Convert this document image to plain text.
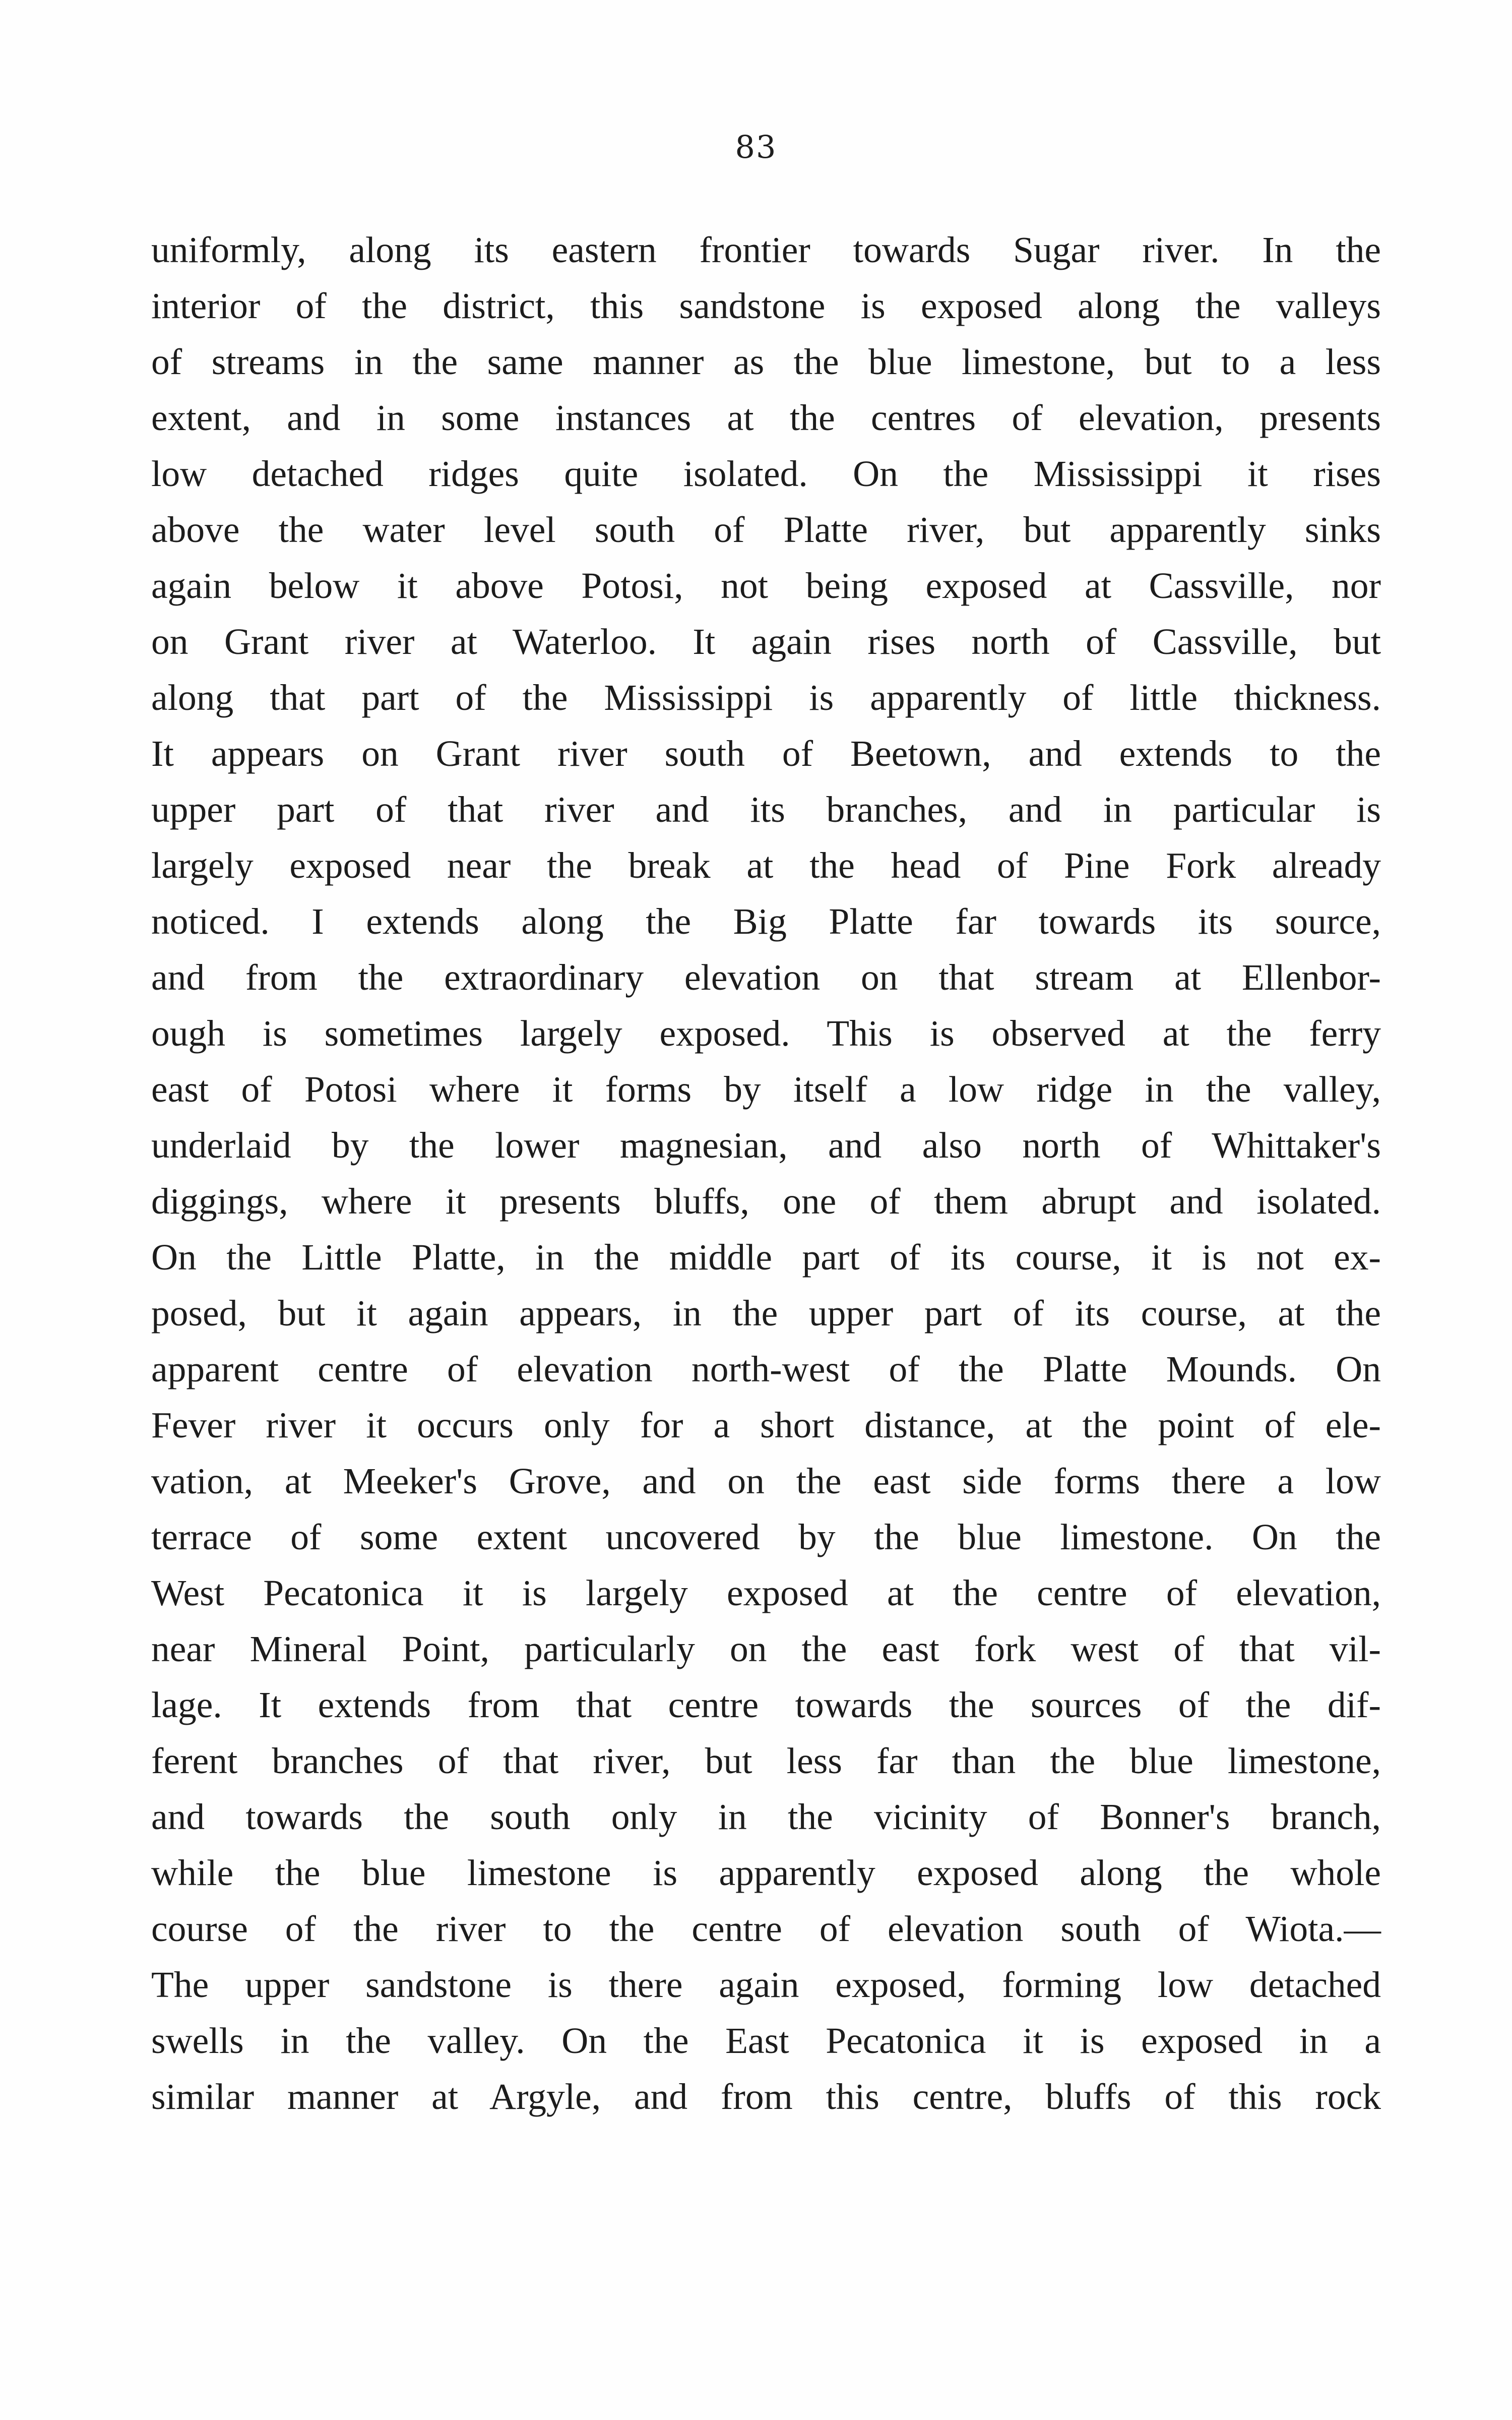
83
uniformly, along its eastern frontier towards Sugar river. In the
interior of the district, this sandstone is exposed along the valleys
of streams in the same manner as the blue limestone, but to a less
extent, and in some instances at the centres of elevation, presents
low detached ridges quite isolated. On the Mississippi it rises
above the water level south of Platte river, but apparently sinks
again below it above Potosi, not being exposed at Cassville, nor
on Grant river at Waterloo. It again rises north of Cassville, but
along that part of the Mississippi is apparently of little thickness.
It appears on Grant river south of Beetown, and extends to the
upper part of that river and its branches, and in particular is
largely exposed near the break at the head of Pine Fork already
noticed. I extends along the Big Platte far towards its source,
and from the extraordinary elevation on that stream at Ellenbor-
ough is sometimes largely exposed. This is observed at the ferry
east of Potosi where it forms by itself a low ridge in the valley,
underlaid by the lower magnesian, and also north of Whittaker's
diggings, where it presents bluffs, one of them abrupt and isolated.
On the Little Platte, in the middle part of its course, it is not ex-
posed, but it again appears, in the upper part of its course, at the
apparent centre of elevation north-west of the Platte Mounds. On
Fever river it occurs only for a short distance, at the point of ele-
vation, at Meeker's Grove, and on the east side forms there a low
terrace of some extent uncovered by the blue limestone. On the
West Pecatonica it is largely exposed at the centre of elevation,
near Mineral Point, particularly on the east fork west of that vil-
lage. It extends from that centre towards the sources of the dif-
ferent branches of that river, but less far than the blue limestone,
and towards the south only in the vicinity of Bonner's branch,
while the blue limestone is apparently exposed along the whole
course of the river to the centre of elevation south of Wiota.—
The upper sandstone is there again exposed, forming low detached
swells in the valley. On the East Pecatonica it is exposed in a
similar manner at Argyle, and from this centre, bluffs of this rock
